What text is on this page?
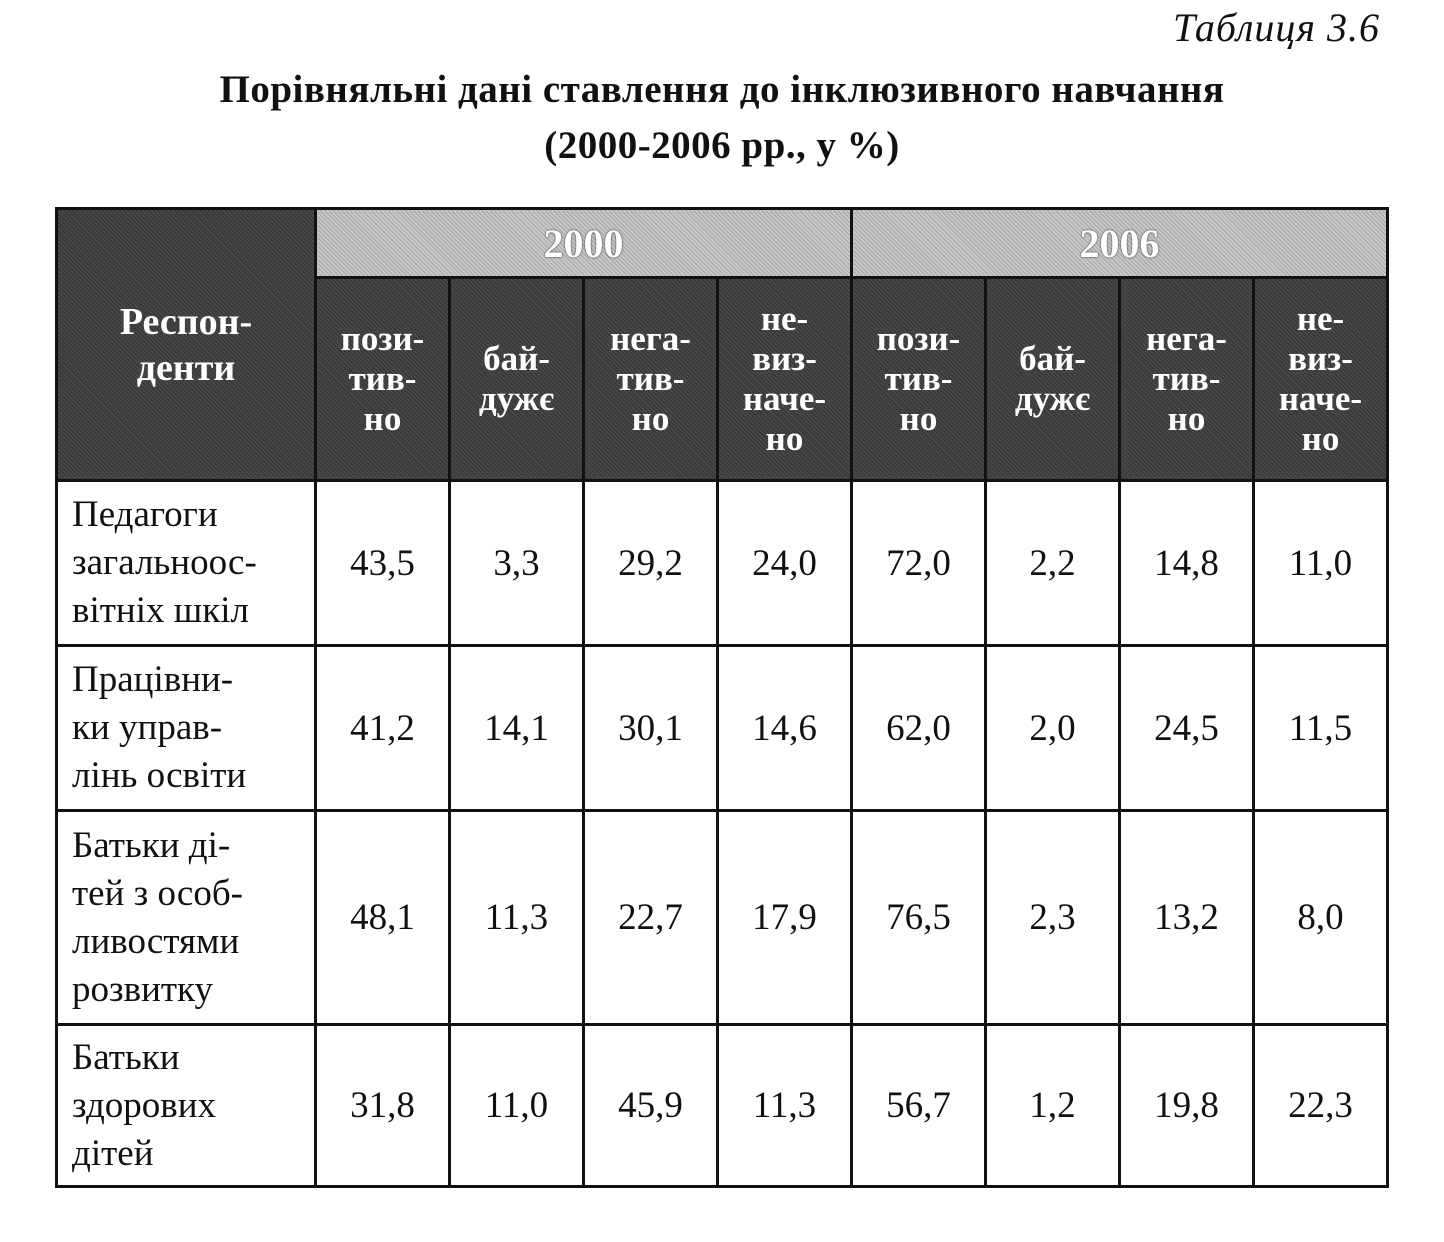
Таблиця 3.6
Порівняльні дані ставлення до інклюзивного навчання
(2000-2006 рр., у %)
Респон-
денти	2000				2006			

	пози-
тив-
но	бай-
дужє	нега-
тив-
но	не-
виз-
наче-
но	пози-
тив-
но	бай-
дужє	нега-
тив-
но	не-
виз-
наче-
но

Педагоги
загальноос-
вітніх шкіл	43,5	3,3	29,2	24,0	72,0	2,2	14,8	11,0

Працівни-
ки управ-
лінь освіти	41,2	14,1	30,1	14,6	62,0	2,0	24,5	11,5

Батьки ді-
тей з особ-
ливостями
розвитку	48,1	11,3	22,7	17,9	76,5	2,3	13,2	8,0

Батьки
здорових
дітей	31,8	11,0	45,9	11,3	56,7	1,2	19,8	22,3
